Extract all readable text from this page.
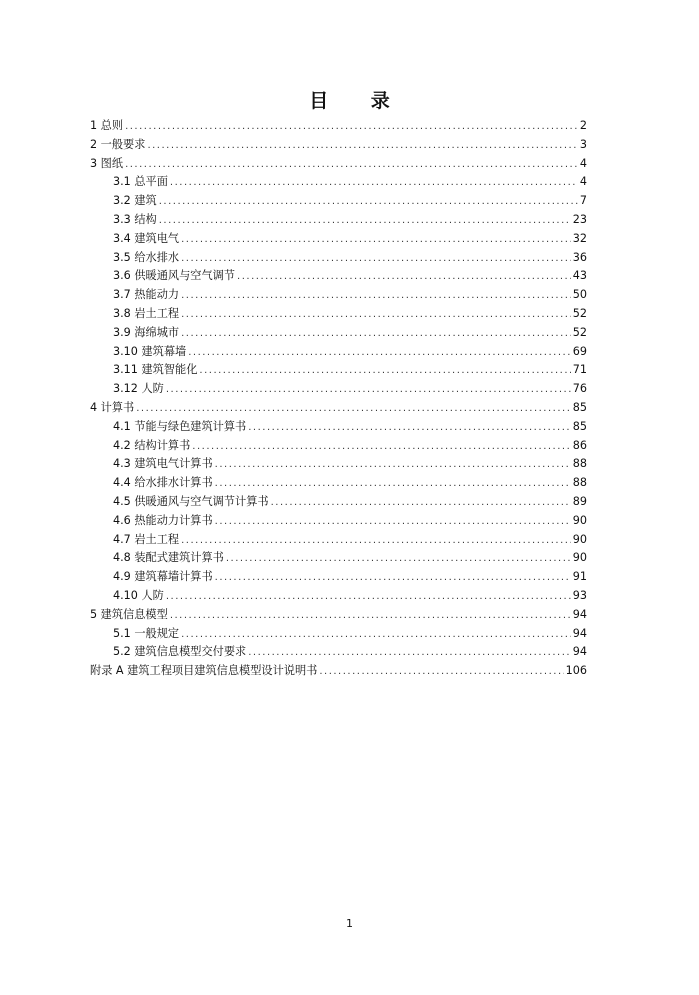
目 录
1 总则 .....	2
2 一般要求 .....	3
3 图纸 .....	4
3.1 总平面 .....	4
3.2 建筑 .....	7
3.3 结构 .....	23
3.4 建筑电气 .....	32
3.5 给水排水 .....	36
3.6 供暖通风与空气调节 .....	43
3.7 热能动力 .....	50
3.8 岩土工程 .....	52
3.9 海绵城市 .....	52
3.10 建筑幕墙 .....	69
3.11 建筑智能化 .....	71
3.12 人防 .....	76
4 计算书 .....	85
4.1 节能与绿色建筑计算书 .....	85
4.2 结构计算书 .....	86
4.3 建筑电气计算书 .....	88
4.4 给水排水计算书 .....	88
4.5 供暖通风与空气调节计算书 .....	89
4.6 热能动力计算书 .....	90
4.7 岩土工程 .....	90
4.8 装配式建筑计算书 .....	90
4.9 建筑幕墙计算书 .....	91
4.10 人防 .....	93
5 建筑信息模型 .....	94
5.1 一般规定 .....	94
5.2 建筑信息模型交付要求 .....	94
附录 A 建筑工程项目建筑信息模型设计说明书 .....	106
1
